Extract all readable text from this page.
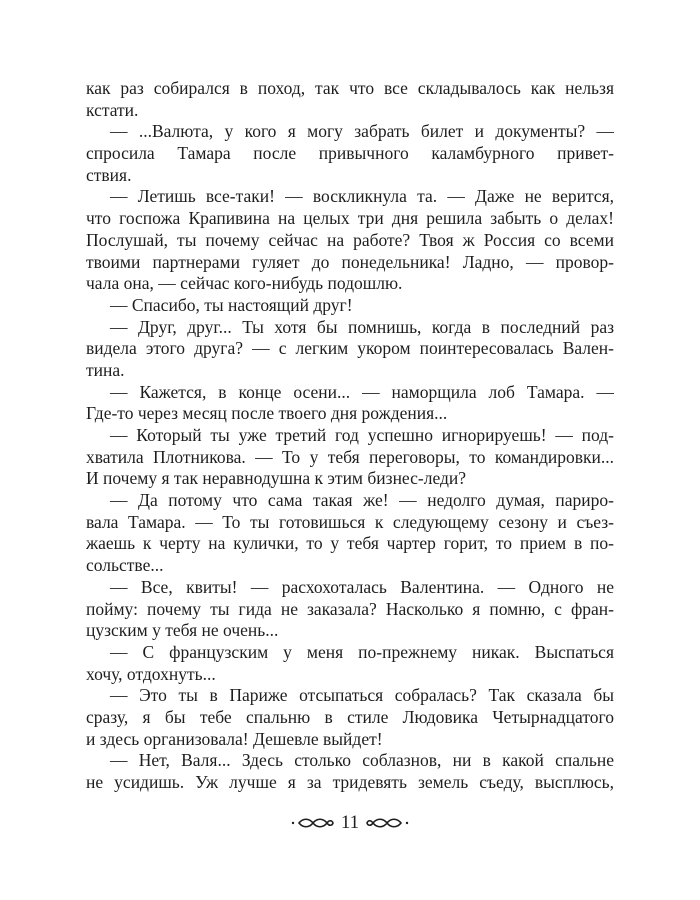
как раз собирался в поход, так что все складывалось как нельзя
кстати.
— ...Валюта, у кого я могу забрать билет и документы? —
спросила Тамара после привычного каламбурного привет-
ствия.
— Летишь все-таки! — воскликнула та. — Даже не верится,
что госпожа Крапивина на целых три дня решила забыть о делах!
Послушай, ты почему сейчас на работе? Твоя ж Россия со всеми
твоими партнерами гуляет до понедельника! Ладно, — провор-
чала она, — сейчас кого-нибудь подошлю.
— Спасибо, ты настоящий друг!
— Друг, друг... Ты хотя бы помнишь, когда в последний раз
видела этого друга? — с легким укором поинтересовалась Вален-
тина.
— Кажется, в конце осени... — наморщила лоб Тамара. —
Где-то через месяц после твоего дня рождения...
— Который ты уже третий год успешно игнорируешь! — под-
хватила Плотникова. — То у тебя переговоры, то командировки...
И почему я так неравнодушна к этим бизнес-леди?
— Да потому что сама такая же! — недолго думая, париро-
вала Тамара. — То ты готовишься к следующему сезону и съез-
жаешь к черту на кулички, то у тебя чартер горит, то прием в по-
сольстве...
— Все, квиты! — расхохоталась Валентина. — Одного не
пойму: почему ты гида не заказала? Насколько я помню, с фран-
цузским у тебя не очень...
— С французским у меня по-прежнему никак. Выспаться
хочу, отдохнуть...
— Это ты в Париже отсыпаться собралась? Так сказала бы
сразу, я бы тебе спальню в стиле Людовика Четырнадцатого
и здесь организовала! Дешевле выйдет!
— Нет, Валя... Здесь столько соблазнов, ни в какой спальне
не усидишь. Уж лучше я за тридевять земель съеду, высплюсь,
11
